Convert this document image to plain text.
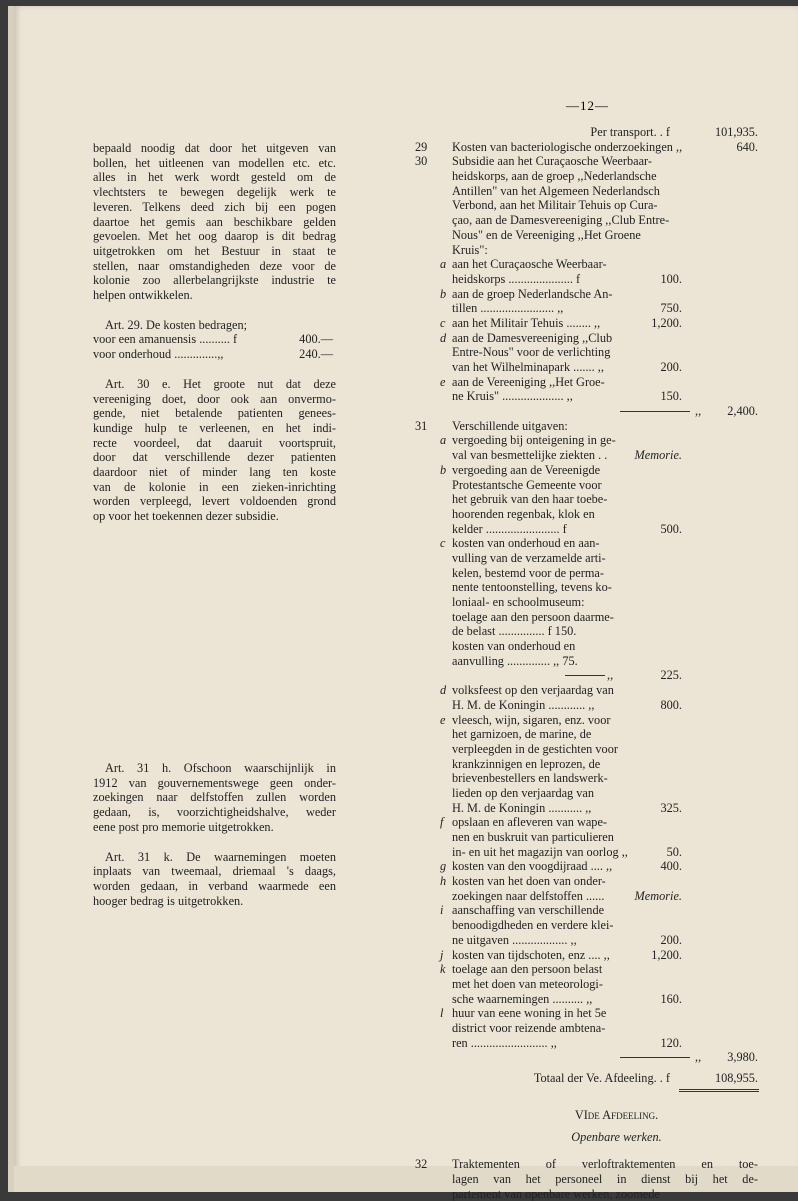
—12—

bepaald noodig dat door het uitgeven van

bollen, het uitleenen van modellen etc. etc.

alles in het werk wordt gesteld om de

vlechtsters te bewegen degelijk werk te

leveren. Telkens deed zich bij een pogen

daartoe het gemis aan beschikbare gelden

gevoelen. Met het oog daarop is dit bedrag

uitgetrokken om het Bestuur in staat te

stellen, naar omstandigheden deze voor de

kolonie zoo allerbelangrijkste industrie te

helpen ontwikkelen.

Art. 29. De kosten bedragen;

voor een amanuensis .......... f	400.—
voor onderhoud ..............,,	240.—

Art. 30 e. Het groote nut dat deze

vereeniging doet, door ook aan onvermo-

gende, niet betalende patienten genees-

kundige hulp te verleenen, en het indi-

recte voordeel, dat daaruit voortspruit,

door dat verschillende dezer patienten

daardoor niet of minder lang ten koste

van de kolonie in een zieken-inrichting

worden verpleegd, levert voldoenden grond

op voor het toekennen dezer subsidie.

Art. 31 h. Ofschoon waarschijnlijk in

1912 van gouvernementswege geen onder-

zoekingen naar delfstoffen zullen worden

gedaan, is, voorzichtigheidshalve, weder

eene post pro memorie uitgetrokken.

Art. 31 k. De waarnemingen moeten

inplaats van tweemaal, driemaal 's daags,

worden gedaan, in verband waarmede een

hooger bedrag is uitgetrokken.

Per transport. . f	101,935.
29	Kosten van bacteriologische onderzoekingen ,,	640.
30	Subsidie aan het Curaçaosche Weerbaar-
heidskorps, aan de groep ,,Nederlandsche
Antillen" van het Algemeen Nederlandsch
Verbond, aan het Militair Tehuis op Cura-
çao, aan de Damesvereeniging ,,Club Entre-
Nous" en de Vereeniging ,,Het Groene
Kruis":
a aan het Curaçaosche Weerbaar-
heidskorps ..................... f	100.
b aan de groep Nederlandsche An-
tillen ........................ ,,	750.
c aan het Militair Tehuis ........ ,,	1,200.
d aan de Damesvereeniging ,,Club
Entre-Nous" voor de verlichting
van het Wilhelminapark ....... ,,	200.
e aan de Vereeniging ,,Het Groe-
ne Kruis" .................... ,,	150.
2,400.
,,
31	Verschillende uitgaven:
a vergoeding bij onteigening in ge-
val van besmettelijke ziekten . .	Memorie.
b vergoeding aan de Vereenigde
Protestantsche Gemeente voor
het gebruik van den haar toebe-
hoorenden regenbak, klok en
kelder ........................ f	500.
c kosten van onderhoud en aan-
vulling van de verzamelde arti-
kelen, bestemd voor de perma-
nente tentoonstelling, tevens ko-
loniaal- en schoolmuseum:
toelage aan den persoon daarme-
de belast ............... f 150.
kosten van onderhoud en
aanvulling .............. ,, 75.
225.
,,
d volksfeest op den verjaardag van
H. M. de Koningin ............ ,,	800.
e vleesch, wijn, sigaren, enz. voor
het garnizoen, de marine, de
verpleegden in de gestichten voor
krankzinnigen en leprozen, de
brievenbestellers en landswerk-
lieden op den verjaardag van
H. M. de Koningin ........... ,,	325.
f opslaan en afleveren van wape-
nen en buskruit van particulieren
in- en uit het magazijn van oorlog ,,	50.
g kosten van den voogdijraad .... ,,	400.
h kosten van het doen van onder-
zoekingen naar delfstoffen ......	Memorie.
i aanschaffing van verschillende
benoodigdheden en verdere klei-
ne uitgaven .................. ,,	200.
j kosten van tijdschoten, enz .... ,,	1,200.
k toelage aan den persoon belast
met het doen van meteorologi-
sche waarnemingen .......... ,,	160.
l huur van eene woning in het 5e
district voor reizende ambtena-
ren ......................... ,,	120.
3,980.
,,
Totaal der Ve. Afdeeling. . f	108,955.
VIde Afdeeling.
Openbare werken.
32 Traktementen of verloftraktementen en toe-

lagen van het personeel in dienst bij het de-

partement van openbare werken, zoomede
